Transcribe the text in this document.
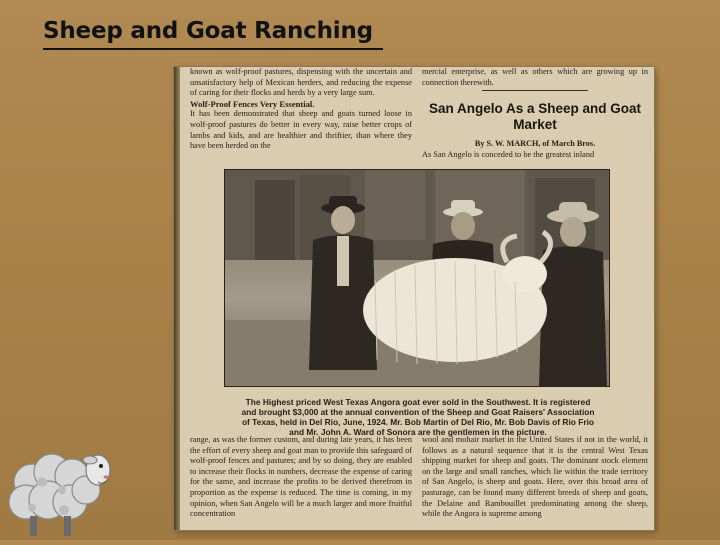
Sheep and Goat Ranching

known as wolf-proof pastures, dispensing with the uncertain and unsatisfactory help of Mexican herders, and reducing the expense of caring for their flocks and herds by a very large sum.

Wolf-Proof Fences Very Essential.

It has been demonstrated that sheep and goats turned loose in wolf-proof pastures do better in every way, raise better crops of lambs and kids, and are healthier and thriftier, than where they have been herded on the

mercial enterprise, as well as others which are growing up in connection therewith.

San Angelo As a Sheep and Goat Market

By S. W. MARCH, of March Bros.

As San Angelo is conceded to be the greatest inland

The Highest priced West Texas Angora goat ever sold in the Southwest. It is registered and brought $3,000 at the annual convention of the Sheep and Goat Raisers' Association of Texas, held in Del Rio, June, 1924. Mr. Bob Martin of Del Rio, Mr. Bob Davis of Rio Frio and Mr. John A. Ward of Sonora are the gentlemen in the picture.

range, as was the former custom, and during late years, it has been the effort of every sheep and goat man to provide this safeguard of wolf-proof fences and pastures; and by so doing, they are enabled to increase their flocks in numbers, decrease the expense of caring for the same, and increase the profits to be derived therefrom in proportion as the expense is reduced. The time is coming, in my opinion, when San Angelo will be a much larger and more fruitful concentration

wool and mohair market in the United States if not in the world, it follows as a natural sequence that it is the central West Texas shipping market for sheep and goats. The dominant stock element on the large and small ranches, which lie within the trade territory of San Angelo, is sheep and goats. Here, over this broad area of pasturage, can be found many different breeds of sheep and goats, the Delaine and Rambouillet predominating among the sheep, while the Angora is supreme among
